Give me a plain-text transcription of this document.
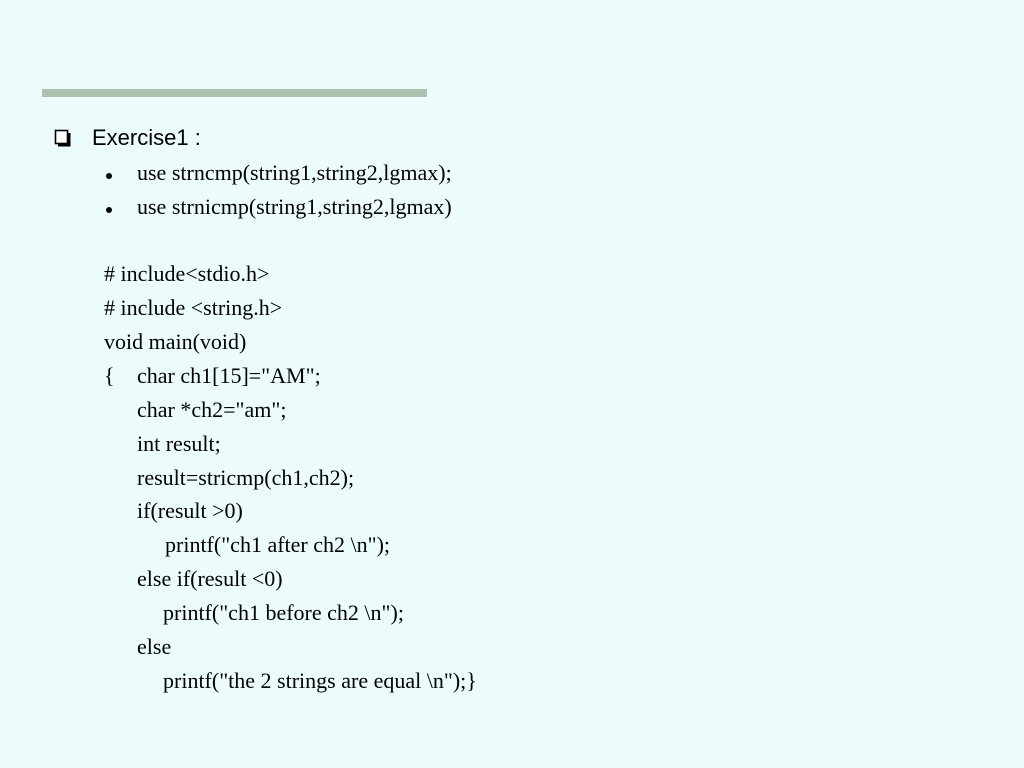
Exercise1 :
use strncmp(string1,string2,lgmax);
use strnicmp(string1,string2,lgmax)
# include<stdio.h>
# include <string.h>
void main(void)
{ char ch1[15]="AM";
char *ch2="am";
int result;
result=stricmp(ch1,ch2);
if(result >0)
printf("ch1 after ch2 \n");
else if(result <0)
printf("ch1 before ch2 \n");
else
printf("the 2 strings are equal \n");}
